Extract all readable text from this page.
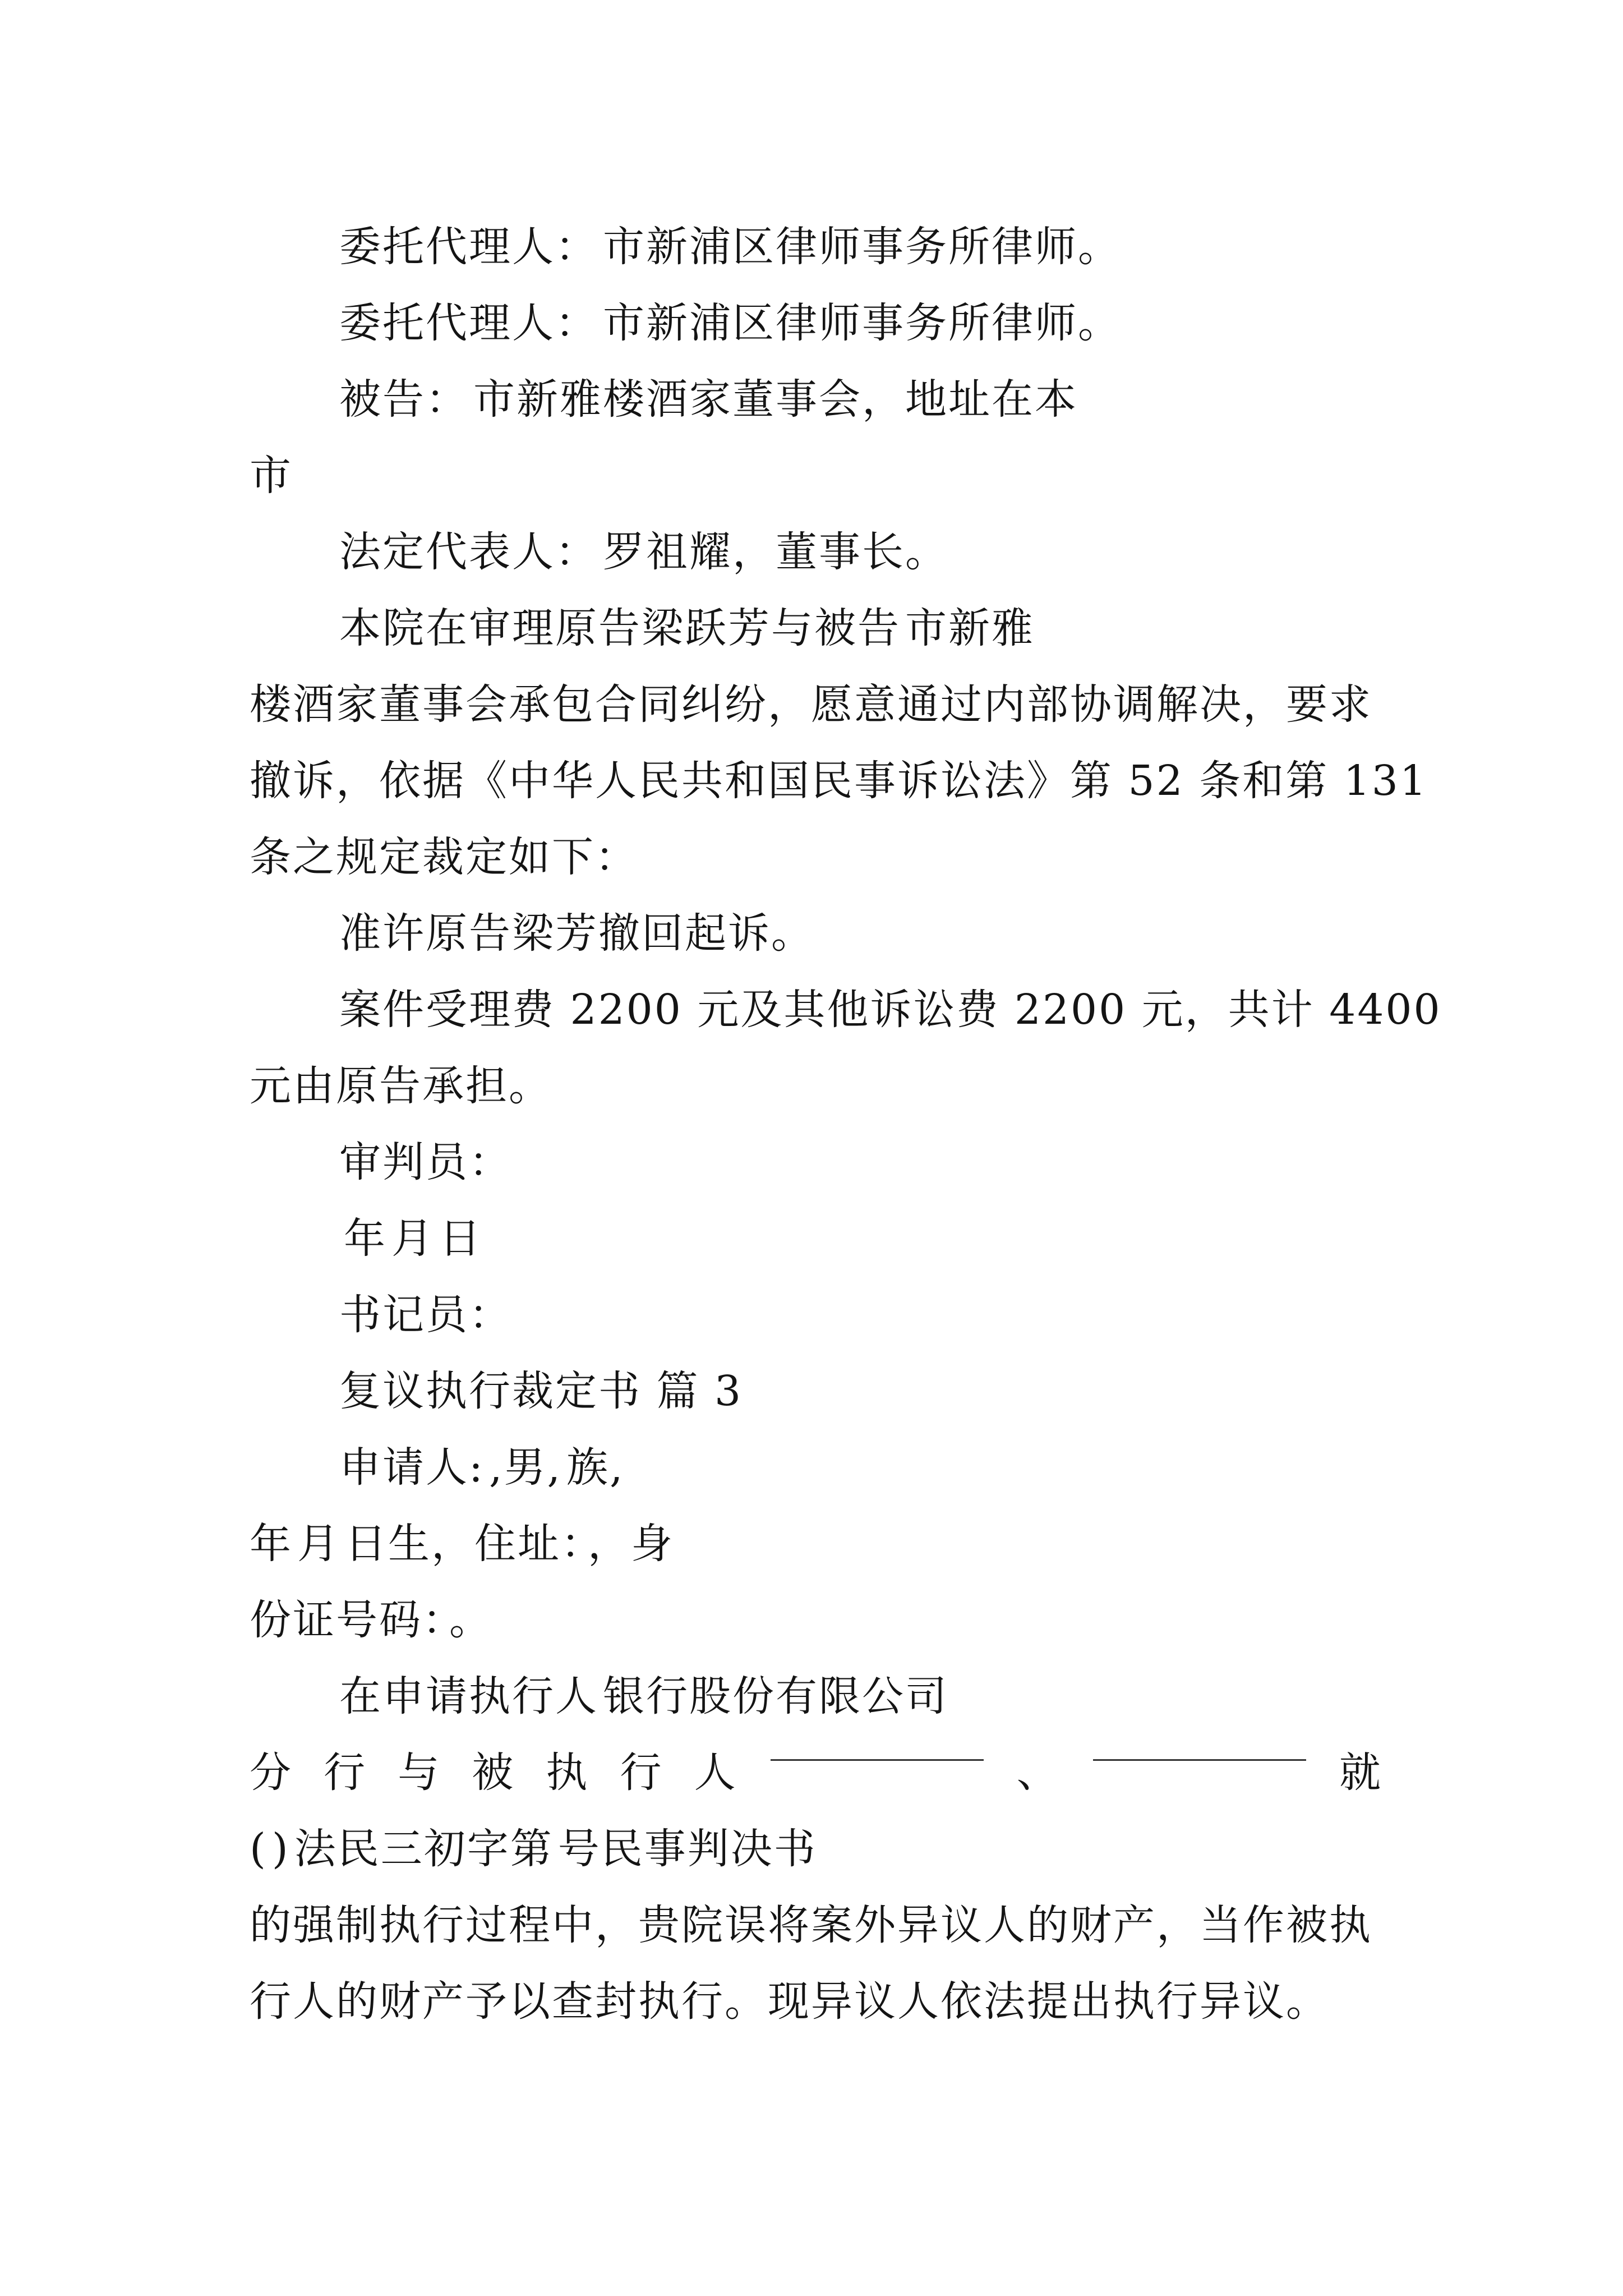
委托代理人： 市新浦区律师事务所律师。
委托代理人： 市新浦区律师事务所律师。
被告： 市新雅楼酒家董事会，地址在本
市
法定代表人： 罗祖耀，董事长。
本院在审理原告梁跃芳与被告 市新雅
楼酒家董事会承包合同纠纷，愿意通过内部协调解决，要求
撤诉，依据《中华人民共和国民事诉讼法》第 52 条和第 131
条之规定裁定如下：
准许原告梁芳撤回起诉。
案件受理费 2200 元及其他诉讼费 2200 元，共计 4400
元由原告承担。
审判员：
年 月 日
书记员：
复议执行裁定书 篇 3
申请人: ,男, 族,
年 月 日生，住址： ，身
份证号码： 。
在申请执行人 银行股份有限公司
分 行 与 被 执 行 人	、	就
( ) 法民三初字第 号民事判决书
的强制执行过程中，贵院误将案外异议人的财产，当作被执
行人的财产予以查封执行。现异议人依法提出执行异议。
